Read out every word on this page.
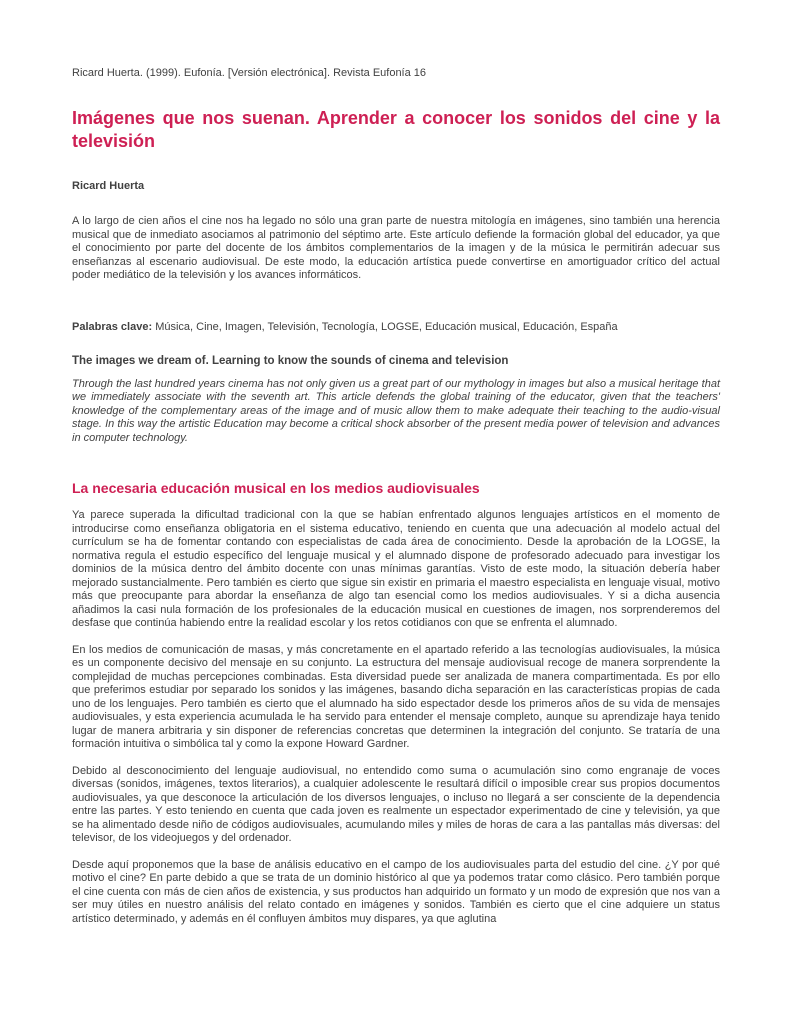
Ricard Huerta. (1999). Eufonía. [Versión electrónica]. Revista Eufonía 16

Imágenes que nos suenan. Aprender a conocer los sonidos del cine y la televisión

Ricard Huerta

A lo largo de cien años el cine nos ha legado no sólo una gran parte de nuestra mitología en imágenes, sino también una herencia musical que de inmediato asociamos al patrimonio del séptimo arte. Este artículo defiende la formación global del educador, ya que el conocimiento por parte del docente de los ámbitos complementarios de la imagen y de la música le permitirán adecuar sus enseñanzas al escenario audiovisual. De este modo, la educación artística puede convertirse en amortiguador crítico del actual poder mediático de la televisión y los avances informáticos.

Palabras clave: Música, Cine, Imagen, Televisión, Tecnología, LOGSE, Educación musical, Educación, España

The images we dream of. Learning to know the sounds of cinema and television

Through the last hundred years cinema has not only given us a great part of our mythology in images but also a musical heritage that we immediately associate with the seventh art. This article defends the global training of the educator, given that the teachers' knowledge of the complementary areas of the image and of music allow them to make adequate their teaching to the audio-visual stage. In this way the artistic Education may become a critical shock absorber of the present media power of television and advances in computer technology.

La necesaria educación musical en los medios audiovisuales

Ya parece superada la dificultad tradicional con la que se habían enfrentado algunos lenguajes artísticos en el momento de introducirse como enseñanza obligatoria en el sistema educativo, teniendo en cuenta que una adecuación al modelo actual del currículum se ha de fomentar contando con especialistas de cada área de conocimiento. Desde la aprobación de la LOGSE, la normativa regula el estudio específico del lenguaje musical y el alumnado dispone de profesorado adecuado para investigar los dominios de la música dentro del ámbito docente con unas mínimas garantías. Visto de este modo, la situación debería haber mejorado sustancialmente. Pero también es cierto que sigue sin existir en primaria el maestro especialista en lenguaje visual, motivo más que preocupante para abordar la enseñanza de algo tan esencial como los medios audiovisuales. Y si a dicha ausencia añadimos la casi nula formación de los profesionales de la educación musical en cuestiones de imagen, nos sorprenderemos del desfase que continúa habiendo entre la realidad escolar y los retos cotidianos con que se enfrenta el alumnado.

En los medios de comunicación de masas, y más concretamente en el apartado referido a las tecnologías audiovisuales, la música es un componente decisivo del mensaje en su conjunto. La estructura del mensaje audiovisual recoge de manera sorprendente la complejidad de muchas percepciones combinadas. Esta diversidad puede ser analizada de manera compartimentada. Es por ello que preferimos estudiar por separado los sonidos y las imágenes, basando dicha separación en las características propias de cada uno de los lenguajes. Pero también es cierto que el alumnado ha sido espectador desde los primeros años de su vida de mensajes audiovisuales, y esta experiencia acumulada le ha servido para entender el mensaje completo, aunque su aprendizaje haya tenido lugar de manera arbitraria y sin disponer de referencias concretas que determinen la integración del conjunto. Se trataría de una formación intuitiva o simbólica tal y como la expone Howard Gardner.

Debido al desconocimiento del lenguaje audiovisual, no entendido como suma o acumulación sino como engranaje de voces diversas (sonidos, imágenes, textos literarios), a cualquier adolescente le resultará difícil o imposible crear sus propios documentos audiovisuales, ya que desconoce la articulación de los diversos lenguajes, o incluso no llegará a ser consciente de la dependencia entre las partes. Y esto teniendo en cuenta que cada joven es realmente un espectador experimentado de cine y televisión, ya que se ha alimentado desde niño de códigos audiovisuales, acumulando miles y miles de horas de cara a las pantallas más diversas: del televisor, de los videojuegos y del ordenador.

Desde aquí proponemos que la base de análisis educativo en el campo de los audiovisuales parta del estudio del cine. ¿Y por qué motivo el cine? En parte debido a que se trata de un dominio histórico al que ya podemos tratar como clásico. Pero también porque el cine cuenta con más de cien años de existencia, y sus productos han adquirido un formato y un modo de expresión que nos van a ser muy útiles en nuestro análisis del relato contado en imágenes y sonidos. También es cierto que el cine adquiere un status artístico determinado, y además en él confluyen ámbitos muy dispares, ya que aglutina
